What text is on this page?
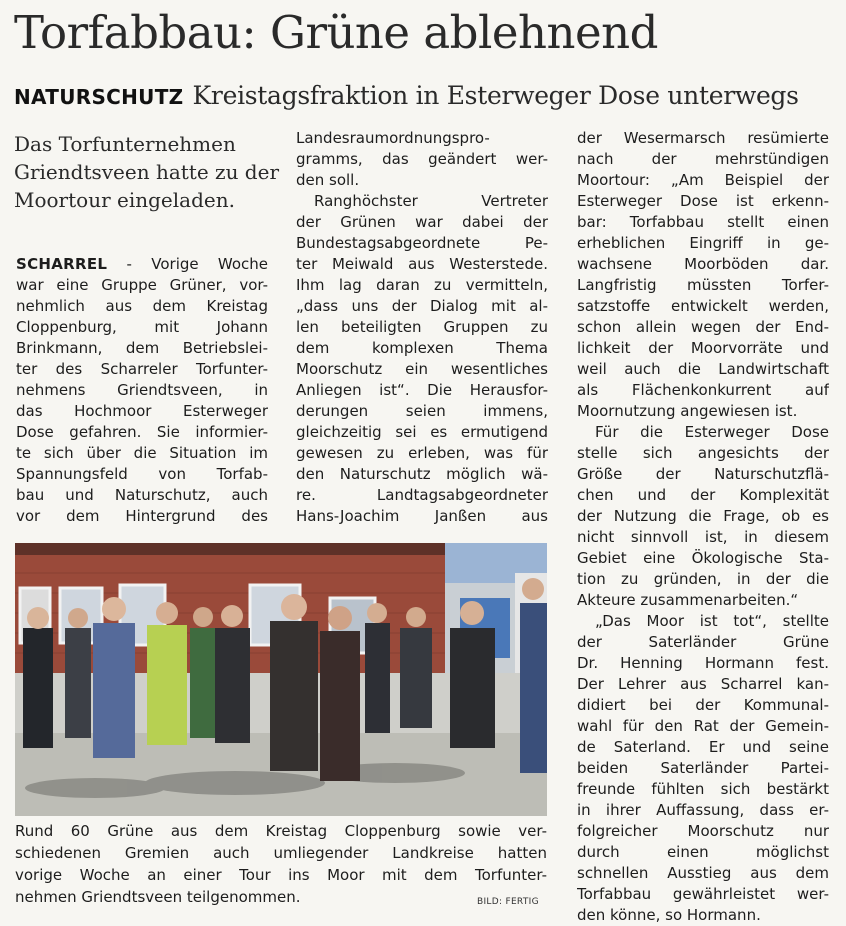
Torfabbau: Grüne ablehnend
NATURSCHUTZ Kreistagsfraktion in Esterweger Dose unterwegs
Das Torfunternehmen
Griendtsveen hatte zu der
Moortour eingeladen.
SCHARREL - Vorige Woche
war eine Gruppe Grüner, vor-
nehmlich aus dem Kreistag
Cloppenburg, mit Johann
Brinkmann, dem Betriebslei-
ter des Scharreler Torfunter-
nehmens Griendtsveen, in
das Hochmoor Esterweger
Dose gefahren. Sie informier-
te sich über die Situation im
Spannungsfeld von Torfab-
bau und Naturschutz, auch
vor dem Hintergrund des
Landesraumordnungspro-
gramms, das geändert wer-
den soll.
Ranghöchster Vertreter
der Grünen war dabei der
Bundestagsabgeordnete Pe-
ter Meiwald aus Westerstede.
Ihm lag daran zu vermitteln,
„dass uns der Dialog mit al-
len beteiligten Gruppen zu
dem komplexen Thema
Moorschutz ein wesentliches
Anliegen ist“. Die Herausfor-
derungen seien immens,
gleichzeitig sei es ermutigend
gewesen zu erleben, was für
den Naturschutz möglich wä-
re. Landtagsabgeordneter
Hans-Joachim Janßen aus
der Wesermarsch resümierte
nach der mehrstündigen
Moortour: „Am Beispiel der
Esterweger Dose ist erkenn-
bar: Torfabbau stellt einen
erheblichen Eingriff in ge-
wachsene Moorböden dar.
Langfristig müssten Torfer-
satzstoffe entwickelt werden,
schon allein wegen der End-
lichkeit der Moorvorräte und
weil auch die Landwirtschaft
als Flächenkonkurrent auf
Moornutzung angewiesen ist.
Für die Esterweger Dose
stelle sich angesichts der
Größe der Naturschutzflä-
chen und der Komplexität
der Nutzung die Frage, ob es
nicht sinnvoll ist, in diesem
Gebiet eine Ökologische Sta-
tion zu gründen, in der die
Akteure zusammenarbeiten.“
„Das Moor ist tot“, stellte
der Saterländer Grüne
Dr. Henning Hormann fest.
Der Lehrer aus Scharrel kan-
didiert bei der Kommunal-
wahl für den Rat der Gemein-
de Saterland. Er und seine
beiden Saterländer Partei-
freunde fühlten sich bestärkt
in ihrer Auffassung, dass er-
folgreicher Moorschutz nur
durch einen möglichst
schnellen Ausstieg aus dem
Torfabbau gewährleistet wer-
den könne, so Hormann.
Rund 60 Grüne aus dem Kreistag Cloppenburg sowie ver-
schiedenen Gremien auch umliegender Landkreise hatten
vorige Woche an einer Tour ins Moor mit dem Torfunter-
nehmen Griendtsveen teilgenommen.	BILD: FERTIG
